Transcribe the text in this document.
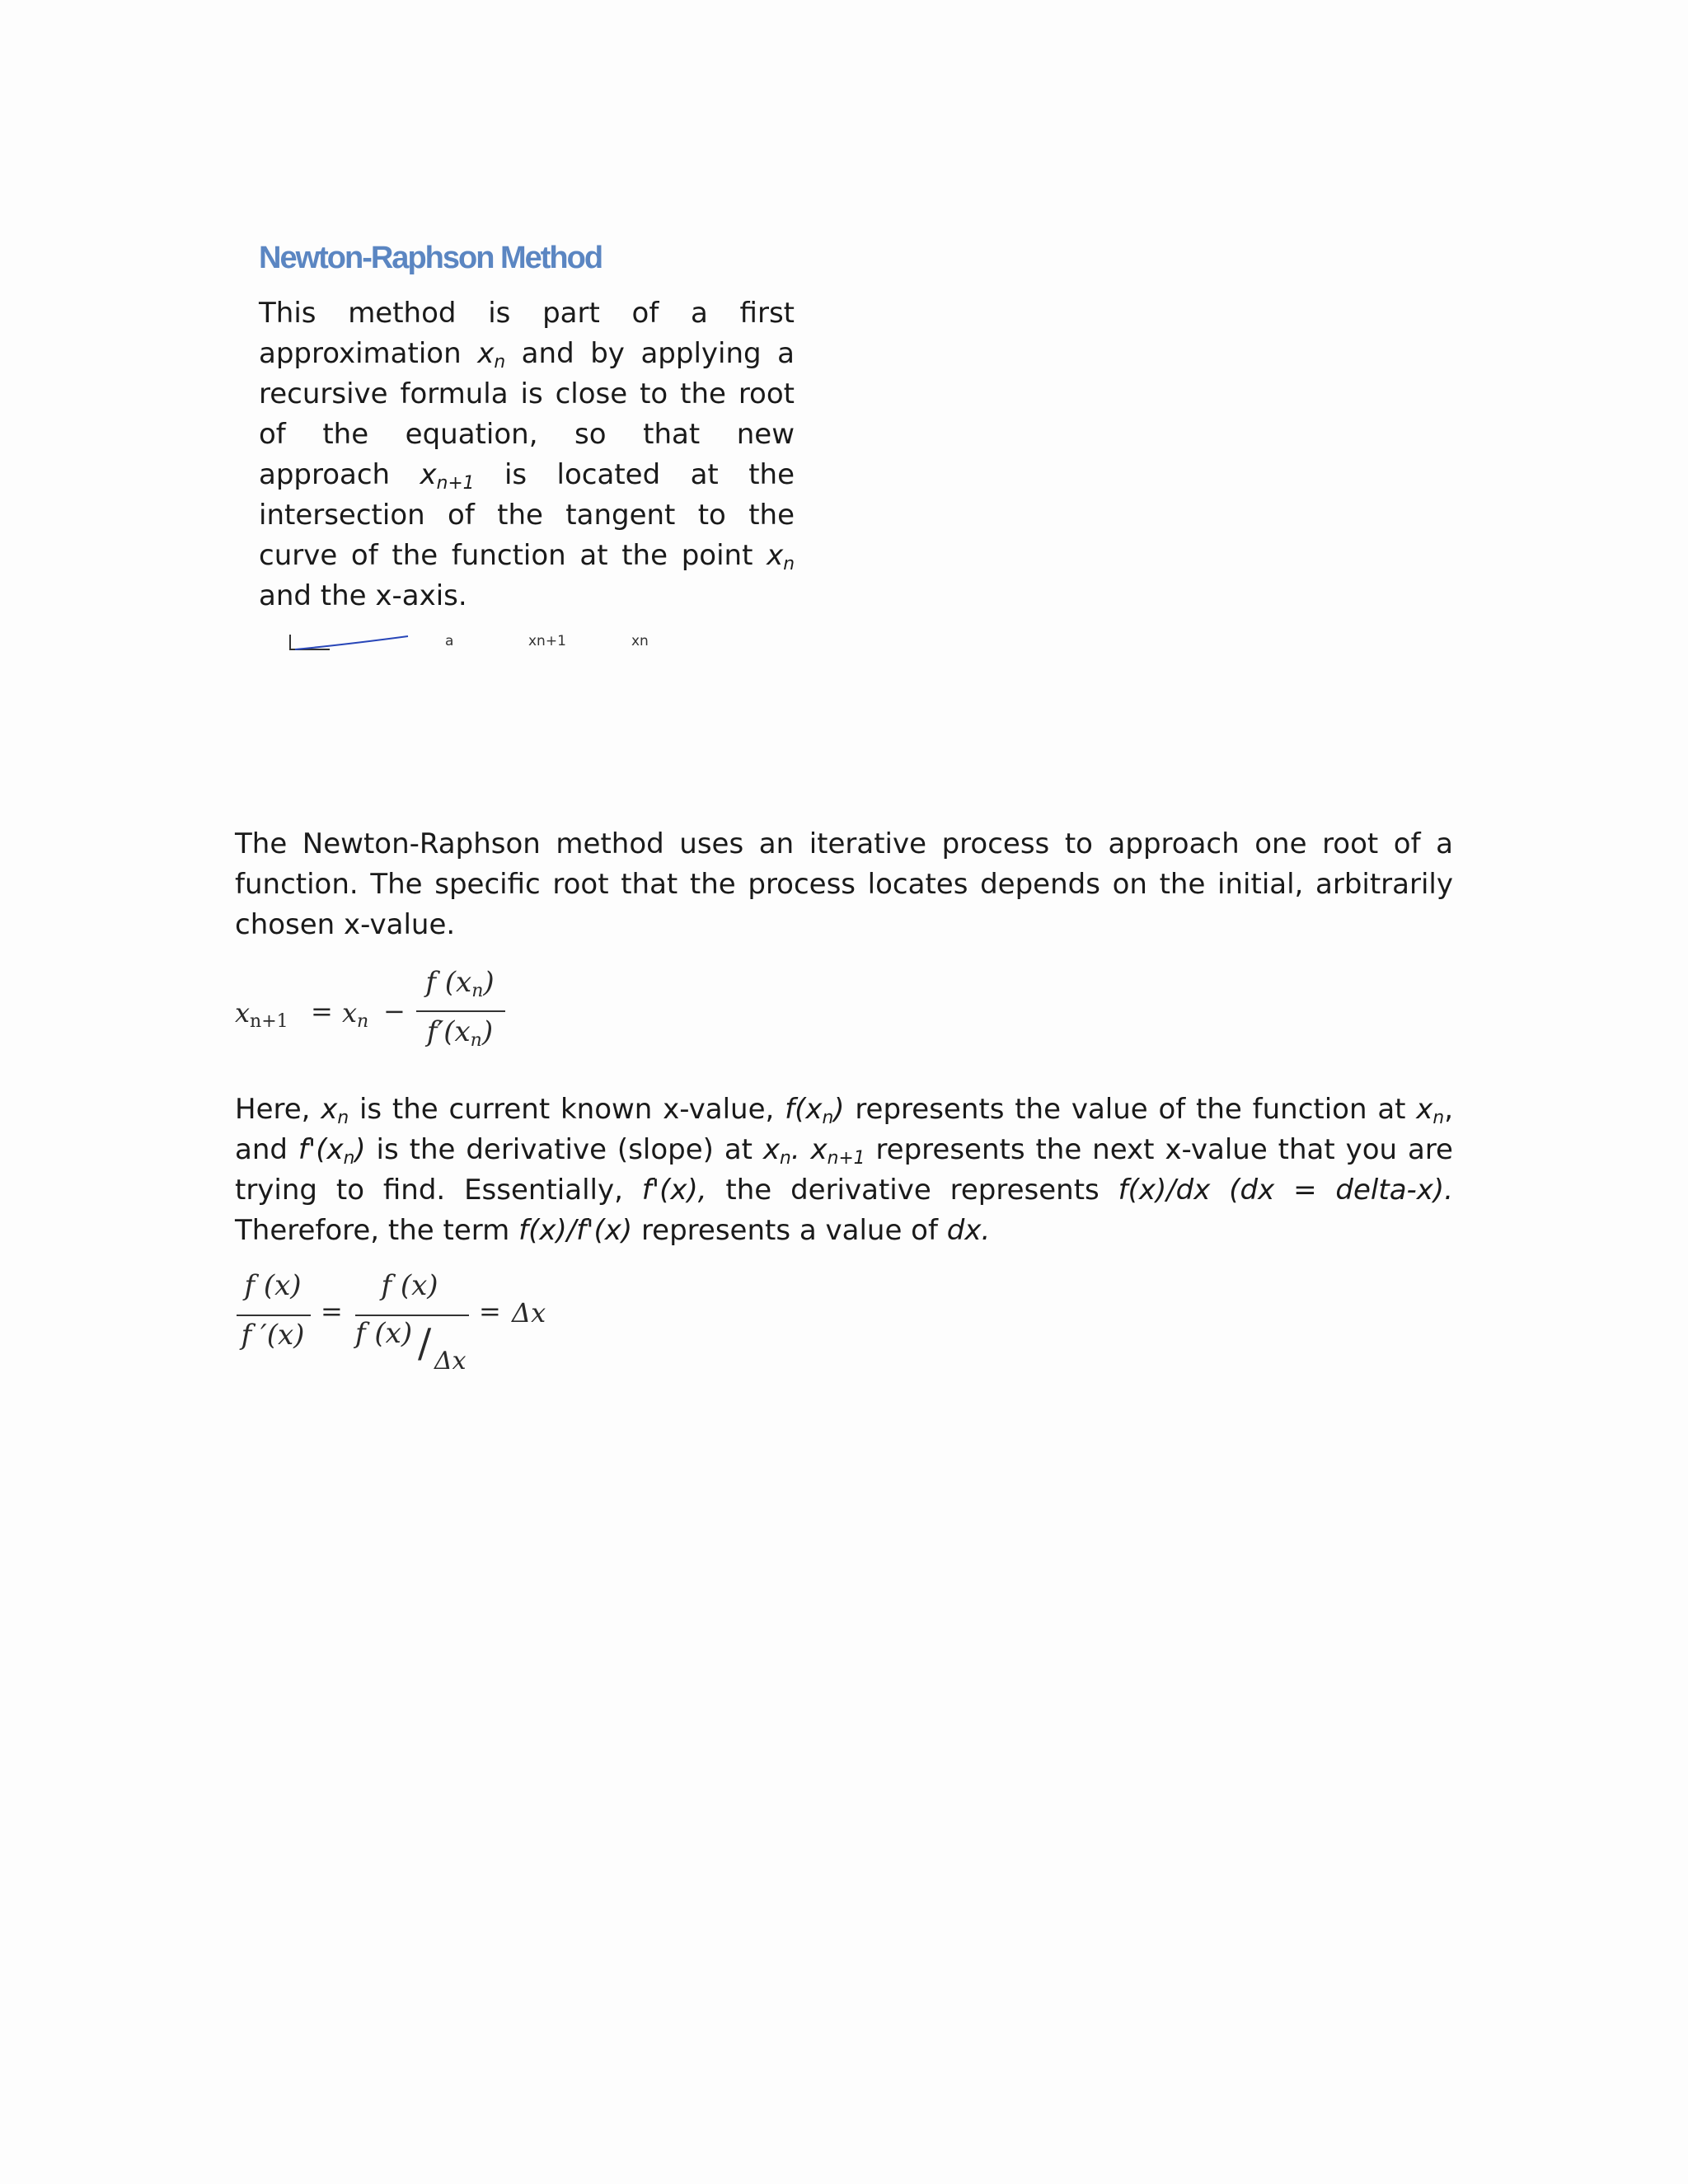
Newton-Raphson Method
This method is part of a first approximation $x_n$ and by applying a recursive formula is close to the root of the equation, so that new approach $x_{n+1}$ is located at the intersection of the tangent to the curve of the function at the point $x_n$ and the x-axis.
a	xn+1	xn
The Newton-Raphson method uses an iterative process to approach one root of a function. The specific root that the process locates depends on the initial, arbitrarily chosen x-value.
$x_{n+1} = x_n$ −
f $(x_n)$
$f'(x_n)$
Here, $x_n$ is the current known x-value, $f(x_n)$ represents the value of the function at $x_n$, and $f'(x_n)$ is the derivative (slope) at $x_n$. $x_{n+1}$ represents the next x-value that you are trying to find. Essentially, f'(x), the derivative represents f(x)/dx (dx = delta-x). Therefore, the term f(x)/f'(x) represents a value of dx.
f (x)
f ′(x)
=
f (x)
f (x) / Δx
= Δx
